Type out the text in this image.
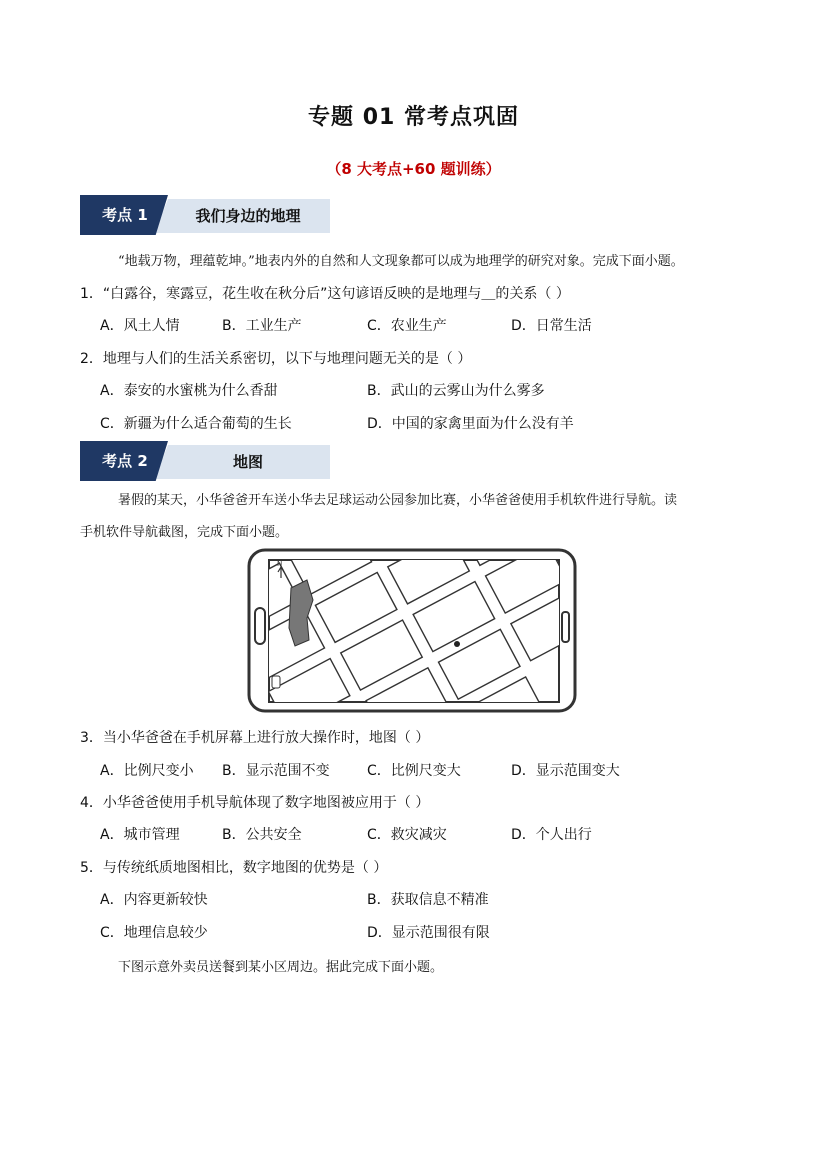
专题 01 常考点巩固
（8 大考点+60 题训练）
考点 1	我们身边的地理
“地载万物，理蕴乾坤。”地表内外的自然和人文现象都可以成为地理学的研究对象。完成下面小题。
1．“白露谷，寒露豆，花生收在秋分后”这句谚语反映的是地理与＿的关系（ ）
A．风土人情	B．工业生产	C．农业生产	D．日常生活
2．地理与人们的生活关系密切，以下与地理问题无关的是（ ）
A．泰安的水蜜桃为什么香甜	B．武山的云雾山为什么雾多
C．新疆为什么适合葡萄的生长	D．中国的家禽里面为什么没有羊
考点 2	地图
暑假的某天，小华爸爸开车送小华去足球运动公园参加比赛，小华爸爸使用手机软件进行导航。读
手机软件导航截图，完成下面小题。
N
3．当小华爸爸在手机屏幕上进行放大操作时，地图（ ）
A．比例尺变小 B．显示范围不变	C．比例尺变大	D．显示范围变大
4．小华爸爸使用手机导航体现了数字地图被应用于（ ）
A．城市管理	B．公共安全	C．救灾减灾	D．个人出行
5．与传统纸质地图相比，数字地图的优势是（ ）
A．内容更新较快	B．获取信息不精准
C．地理信息较少	D．显示范围很有限
下图示意外卖员送餐到某小区周边。据此完成下面小题。
